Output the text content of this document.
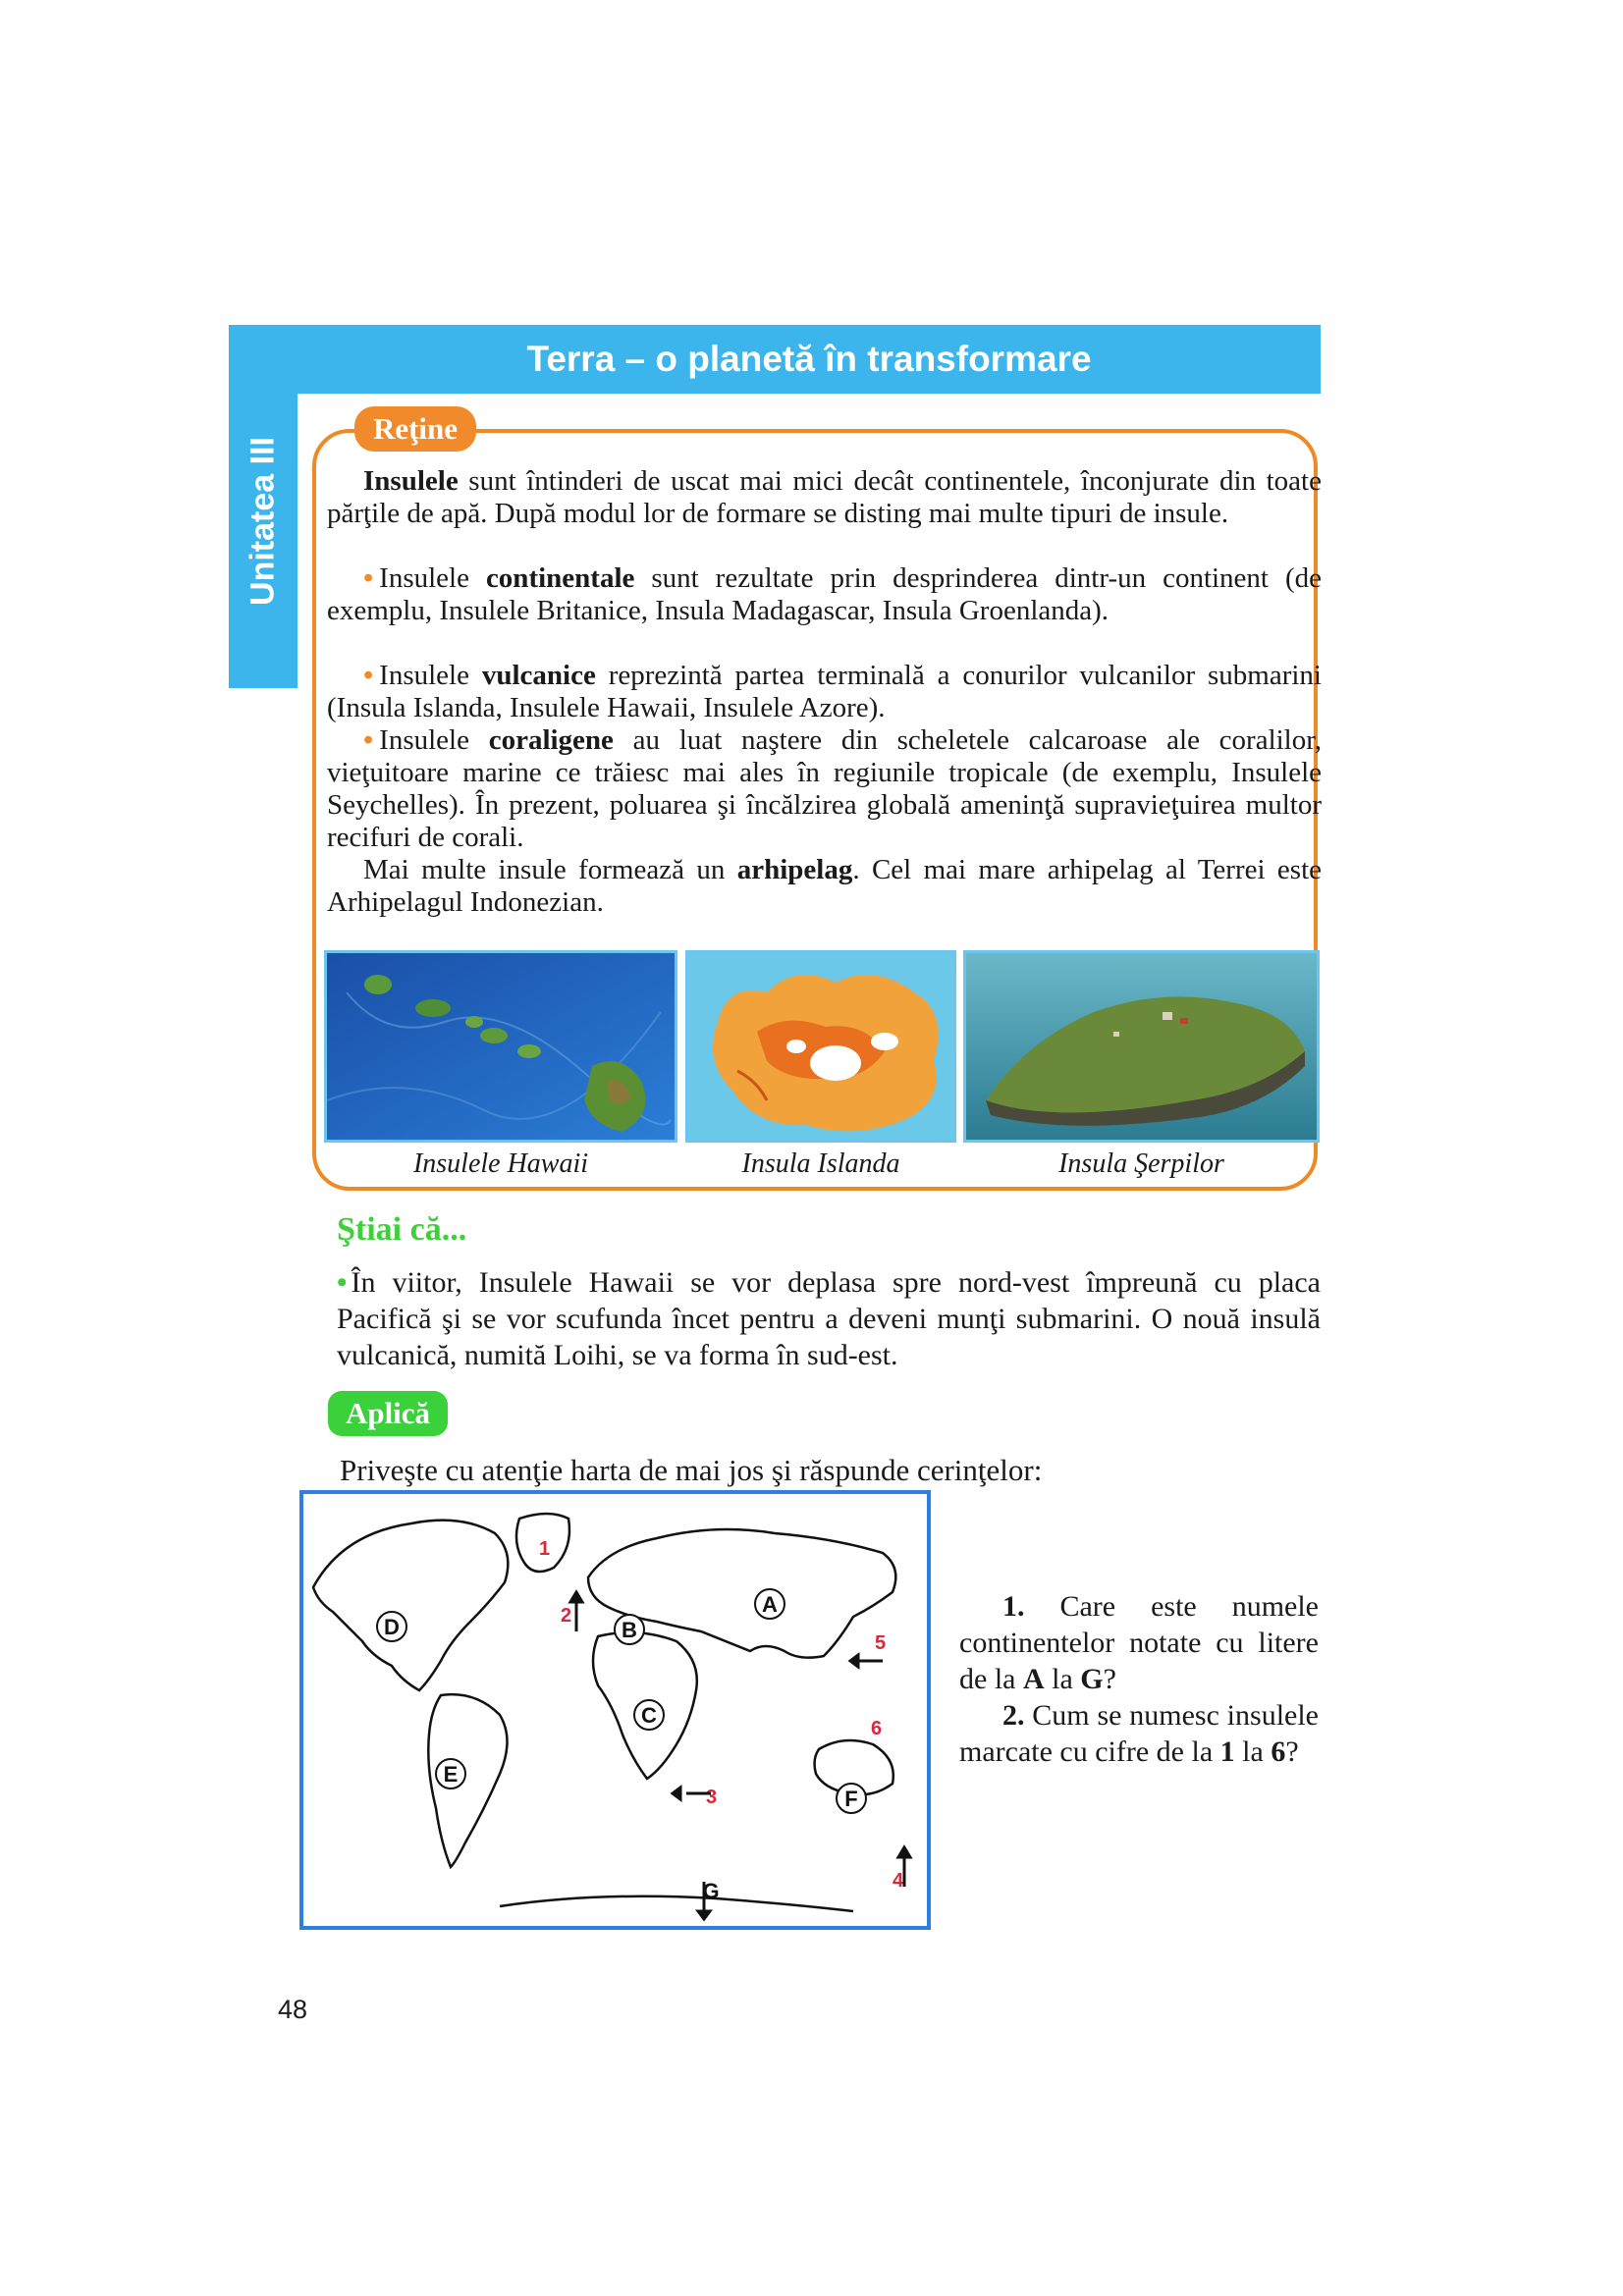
Unitatea III
Terra – o planetă în transformare
Reţine

Insulele sunt întinderi de uscat mai mici decât continentele, înconjurate din toate părţile de apă. După modul lor de formare se disting mai multe tipuri de insule.

• Insulele continentale sunt rezultate prin desprinderea dintr-un continent (de exemplu, Insulele Britanice, Insula Madagascar, Insula Groenlanda).

• Insulele vulcanice reprezintă partea terminală a conurilor vulcanilor submarini (Insula Islanda, Insulele Hawaii, Insulele Azore).

• Insulele coraligene au luat naştere din scheletele calcaroase ale coralilor, vieţuitoare marine ce trăiesc mai ales în regiunile tropicale (de exemplu, Insulele Seychelles). În prezent, poluarea şi încălzirea globală ameninţă supravieţuirea multor recifuri de corali.

Mai multe insule formează un arhipelag. Cel mai mare arhipelag al Terrei este Arhipelagul Indonezian.

Insulele Hawaii	Insula Islanda	Insula Şerpilor
Ştiai că...

• În viitor, Insulele Hawaii se vor deplasa spre nord-vest împreună cu placa Pacifică şi se vor scufunda încet pentru a deveni munţi submarini. O nouă insulă vulcanică, numită Loihi, se va forma în sud-est.

Aplică
Priveşte cu atenţie harta de mai jos şi răspunde cerinţelor:
A
B
C
D
E
F
G
1
2
3
4
5
6

1. Care este numele continentelor notate cu litere de la A la G?

2. Cum se numesc insulele marcate cu cifre de la 1 la 6?

48
